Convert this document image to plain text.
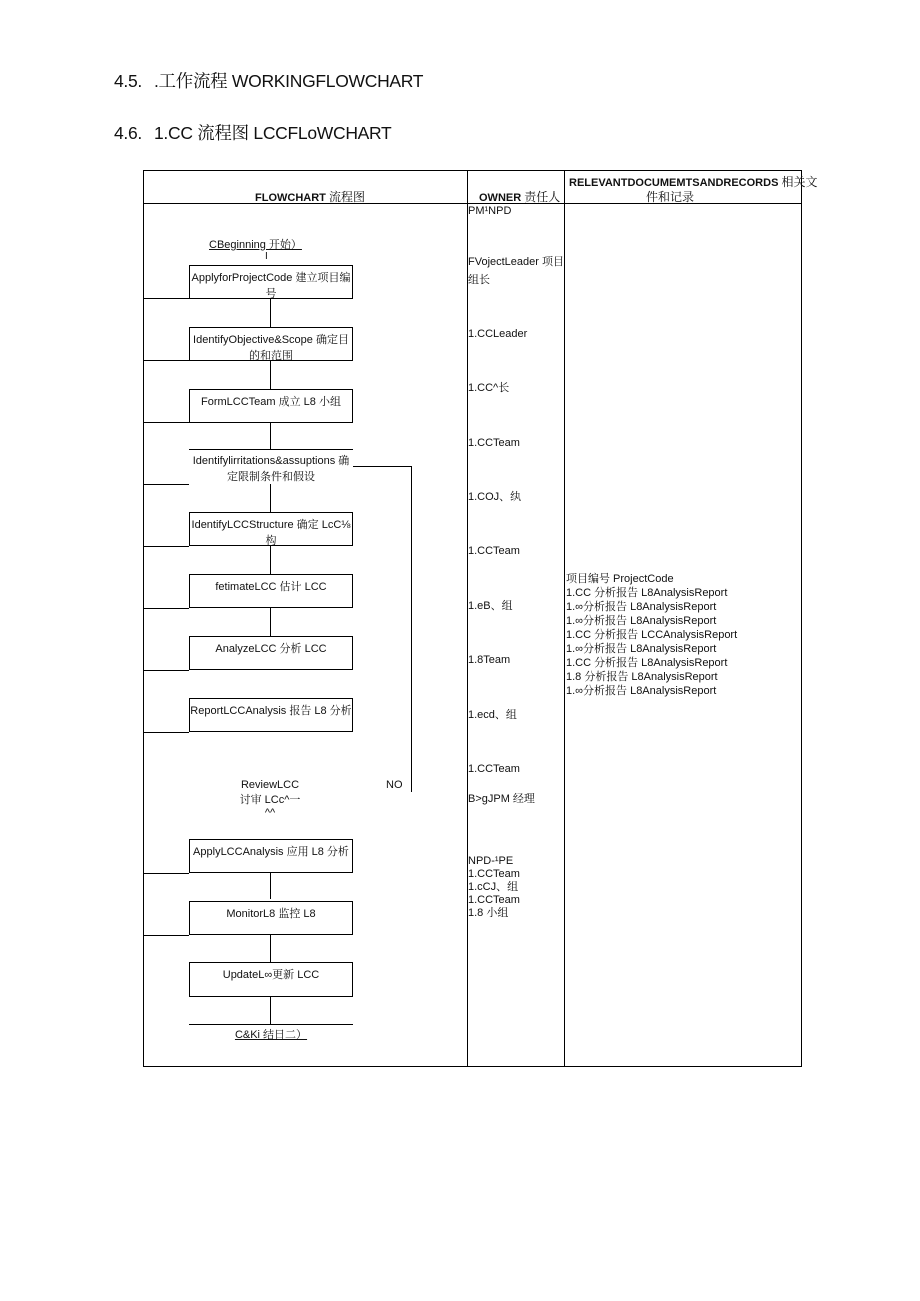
4.5. .工作流程 WORKINGFLOWCHART
4.6. 1.CC 流程图 LCCFLoWCHART
FLOWCHART 流程图	OWNER 责任人
RELEVANTDOCUMEMTSANDRECORDS 相关文
件和记录
CBeginning 开始）
I
ApplyforProjectCode 建立项目编
号
IdentifyObjective&Scope 确定目
的和范围
FormLCCTeam 成立 L8 小组
Identifylirritations&assuptions 确
定限制条件和假设
IdentifyLCCStructure 确定 LcC⅛
构
fetimateLCC 估计 LCC
AnalyzeLCC 分析 LCC
ReportLCCAnalysis 报告 L8 分析
ReviewLCC
讨审 LCc^一^^
NO
ApplyLCCAnalysis 应用 L8 分析
MonitorL8 监控 L8
UpdateL∞更新 LCC
C&Ki 结日二）
PM¹NPD
FVojectLeader 项目
组长
1.CCLeader
1.CC^长
1.CCTeam
1.COJ、纨
1.CCTeam
1.eB、组
1.8Team
1.ecd、组
1.CCTeam
B>gJPM 经理
NPD-¹PE
1.CCTeam
1.cCJ、组
1.CCTeam
1.8 小组
项目编号 ProjectCode
1.CC 分析报告 L8AnalysisReport
1.∞分析报告 L8AnalysisReport
1.∞分析报告 L8AnalysisReport
1.CC 分析报告 LCCAnalysisReport
1.∞分析报告 L8AnalysisReport
1.CC 分析报告 L8AnalysisReport
1.8 分析报告 L8AnalysisReport
1.∞分析报告 L8AnalysisReport
